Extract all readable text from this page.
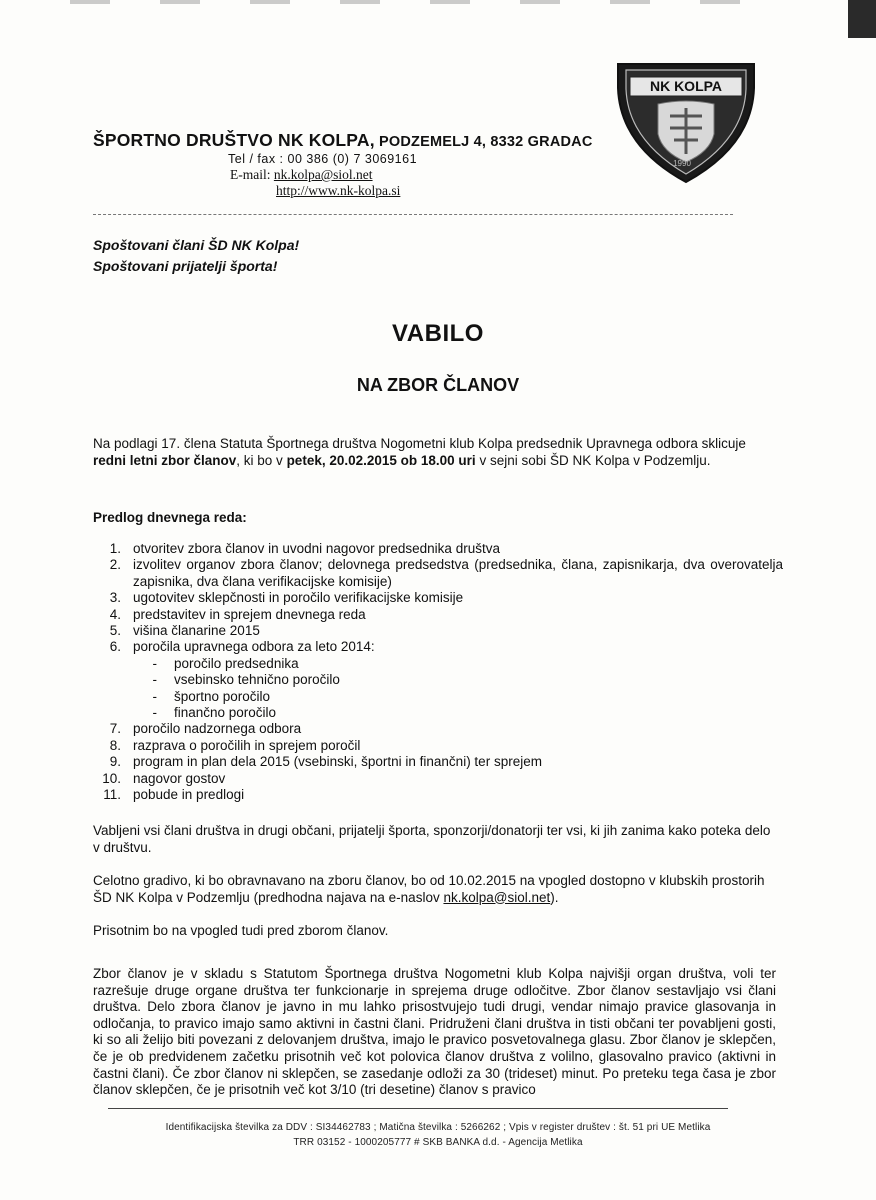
ŠPORTNO DRUŠTVO NK KOLPA, PODZEMELJ 4, 8332 GRADAC
Tel / fax : 00 386 (0) 7 3069161
E-mail: nk.kolpa@siol.net
http://www.nk-kolpa.si
NK KOLPA
1990
Spoštovani člani ŠD NK Kolpa!
Spoštovani prijatelji športa!
VABILO
NA ZBOR ČLANOV
Na podlagi 17. člena Statuta Športnega društva Nogometni klub Kolpa predsednik Upravnega odbora sklicuje redni letni zbor članov, ki bo v petek, 20.02.2015 ob 18.00 uri v sejni sobi ŠD NK Kolpa v Podzemlju.
Predlog dnevnega reda:
1. otvoritev zbora članov in uvodni nagovor predsednika društva
2. izvolitev organov zbora članov; delovnega predsedstva (predsednika, člana, zapisnikarja, dva overovatelja zapisnika, dva člana verifikacijske komisije)
3. ugotovitev sklepčnosti in poročilo verifikacijske komisije
4. predstavitev in sprejem dnevnega reda
5. višina članarine 2015
6. poročila upravnega odbora za leto 2014:
-	poročilo predsednika
-	vsebinsko tehnično poročilo
-	športno poročilo
-	finančno poročilo
7. poročilo nadzornega odbora
8. razprava o poročilih in sprejem poročil
9. program in plan dela 2015 (vsebinski, športni in finančni) ter sprejem
10. nagovor gostov
11. pobude in predlogi
Vabljeni vsi člani društva in drugi občani, prijatelji športa, sponzorji/donatorji ter vsi, ki jih zanima kako poteka delo v društvu.
Celotno gradivo, ki bo obravnavano na zboru članov, bo od 10.02.2015 na vpogled dostopno v klubskih prostorih ŠD NK Kolpa v Podzemlju (predhodna najava na e-naslov nk.kolpa@siol.net).
Prisotnim bo na vpogled tudi pred zborom članov.
Zbor članov je v skladu s Statutom Športnega društva Nogometni klub Kolpa najvišji organ društva, voli ter razrešuje druge organe društva ter funkcionarje in sprejema druge odločitve. Zbor članov sestavljajo vsi člani društva. Delo zbora članov je javno in mu lahko prisostvujejo tudi drugi, vendar nimajo pravice glasovanja in odločanja, to pravico imajo samo aktivni in častni člani. Pridruženi člani društva in tisti občani ter povabljeni gosti, ki so ali želijo biti povezani z delovanjem društva, imajo le pravico posvetovalnega glasu. Zbor članov je sklepčen, če je ob predvidenem začetku prisotnih več kot polovica članov društva z volilno, glasovalno pravico (aktivni in častni člani). Če zbor članov ni sklepčen, se zasedanje odloži za 30 (trideset) minut. Po preteku tega časa je zbor članov sklepčen, če je prisotnih več kot 3/10 (tri desetine) članov s pravico
Identifikacijska številka za DDV : SI34462783 ; Matična številka : 5266262 ; Vpis v register društev : št. 51 pri UE Metlika
TRR 03152 - 1000205777 # SKB BANKA d.d. - Agencija Metlika
